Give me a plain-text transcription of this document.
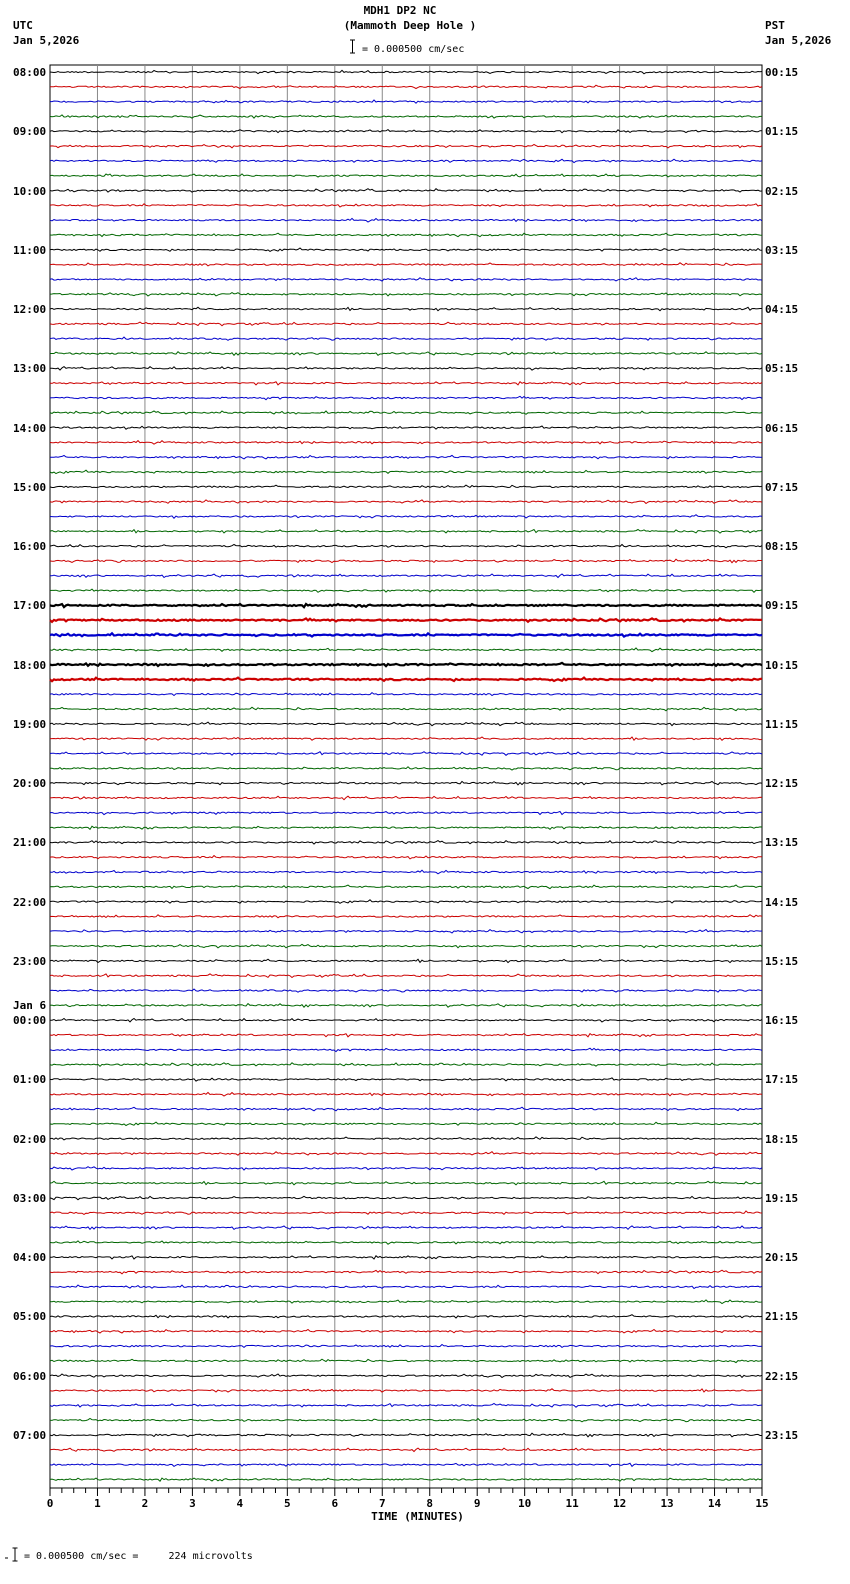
MDH1 DP2 NC
(Mammoth Deep Hole )
= 0.000500 cm/sec
UTC
Jan 5,2026
PST
Jan 5,2026
08:00
09:00
10:00
11:00
12:00
13:00
14:00
15:00
16:00
17:00
18:00
19:00
20:00
21:00
22:00
23:00
00:00
01:00
02:00
03:00
04:00
05:00
06:00
07:00
Jan 6
00:15
01:15
02:15
03:15
04:15
05:15
06:15
07:15
08:15
09:15
10:15
11:15
12:15
13:15
14:15
15:15
16:15
17:15
18:15
19:15
20:15
21:15
22:15
23:15
0	1	2	3	4	5	6	7	8	9	10	11	12	13	14	15
TIME (MINUTES)
= 0.000500 cm/sec =     224 microvolts
